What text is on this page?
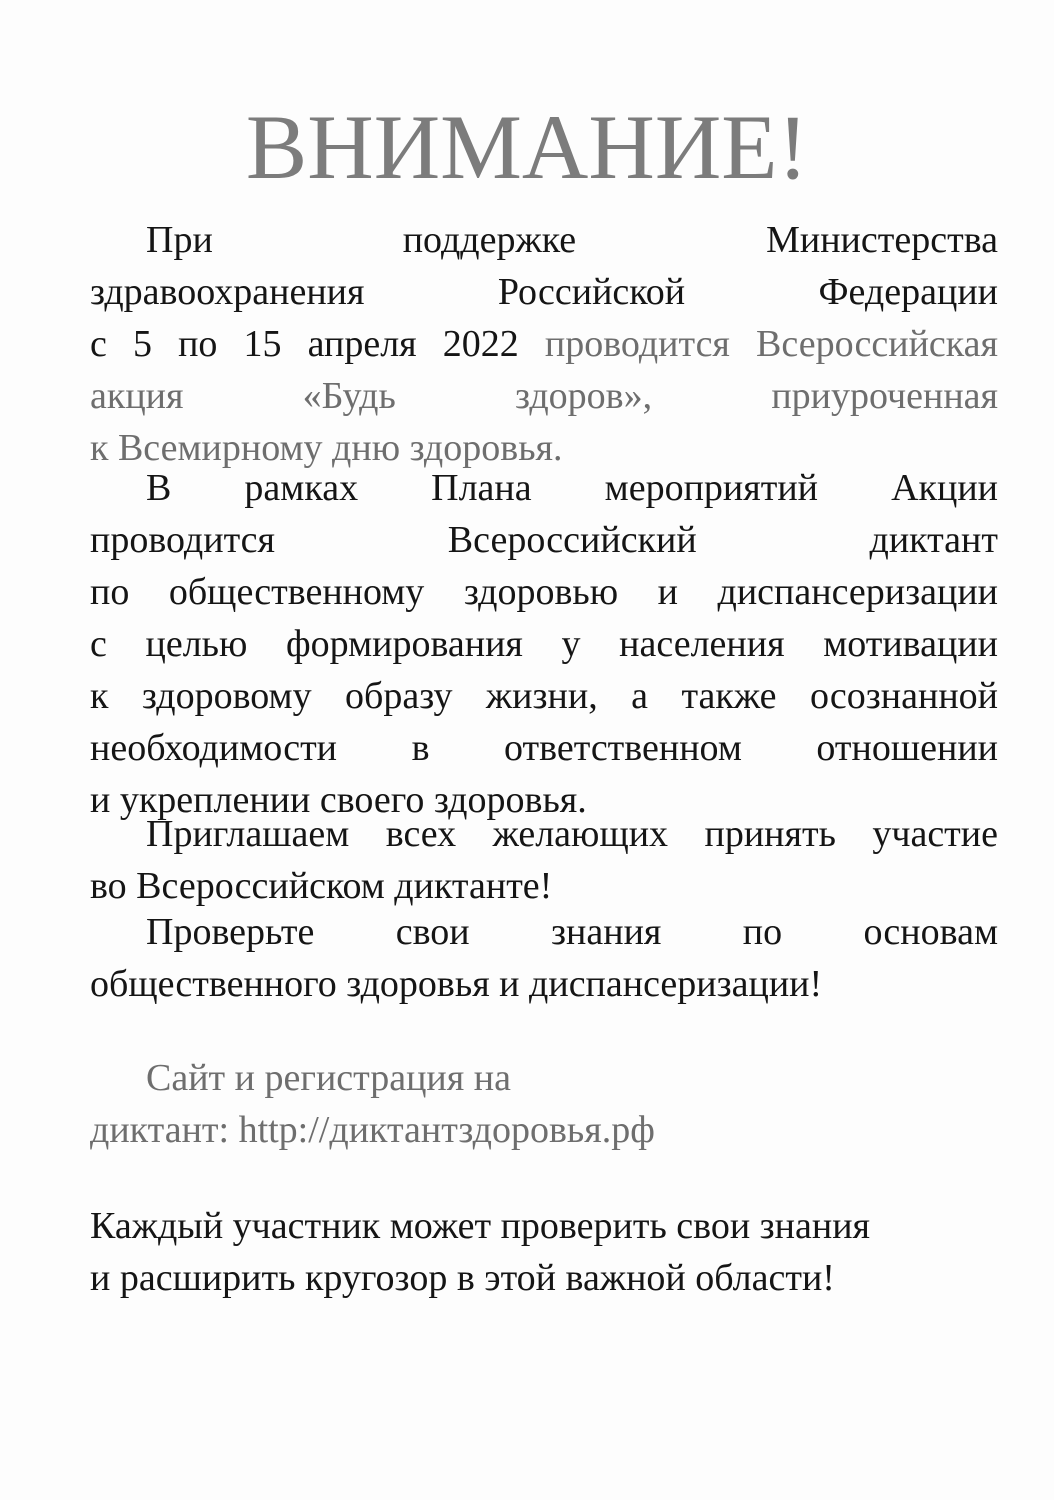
ВНИМАНИЕ!
При поддержке Министерства
здравоохранения Российской Федерации
с 5 по 15 апреля 2022 проводится Всероссийская
акция «Будь здоров», приуроченная
к Всемирному дню здоровья.
В рамках Плана мероприятий Акции
проводится Всероссийский диктант
по общественному здоровью и диспансеризации
с целью формирования у населения мотивации
к здоровому образу жизни, а также осознанной
необходимости в ответственном отношении
и укреплении своего здоровья.
Приглашаем всех желающих принять участие
во Всероссийском диктанте!
Проверьте свои знания по основам
общественного здоровья и диспансеризации!
Сайт и регистрация на
диктант: http://диктантздоровья.рф
Каждый участник может проверить свои знания
и расширить кругозор в этой важной области!
